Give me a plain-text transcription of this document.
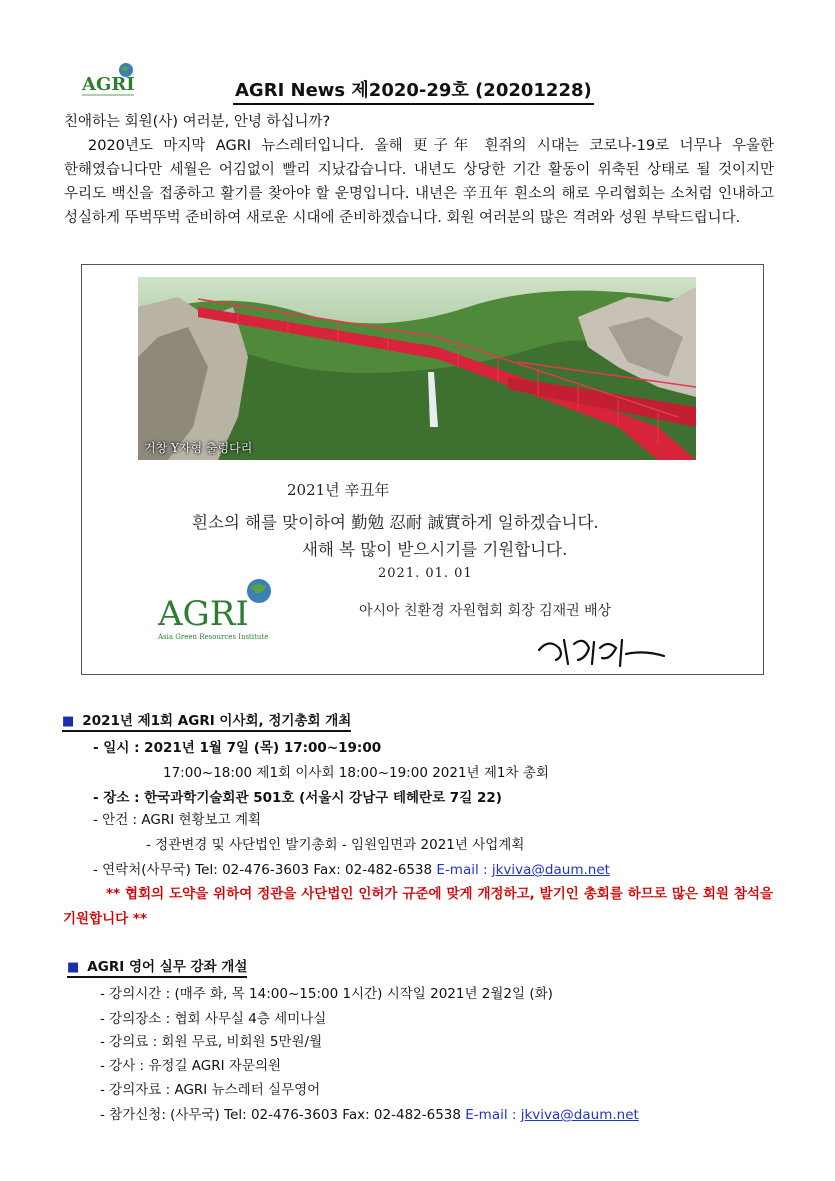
AGRI	AGRI News 제2020-29호 (20201228)
친애하는 회원(사) 여러분, 안녕 하십니까?
2020년도 마지막 AGRI 뉴스레터입니다. 올해 更子年 흰쥐의 시대는 코로나-19로 너무나 우울한 한해였습니다만 세월은 어김없이 빨리 지났갑습니다. 내년도 상당한 기간 활동이 위축된 상태로 될 것이지만 우리도 백신을 접종하고 활기를 찾아야 할 운명입니다. 내년은 辛丑年 흰소의 해로 우리협회는 소처럼 인내하고 성실하게 뚜벅뚜벅 준비하여 새로운 시대에 준비하겠습니다. 회원 여러분의 많은 격려와 성원 부탁드립니다.
거창 Y자형 출렁다리
2021년 辛丑年
흰소의 해를 맞이하여 勤勉 忍耐 誠實하게 일하겠습니다.
새해 복 많이 받으시기를 기원합니다.
2021. 01. 01
아시아 친환경 자원협회 회장 김재권 배상
AGRI
Asia Green Resources Institute
■ 2021년 제1회 AGRI 이사회, 정기총회 개최
- 일시 : 2021년 1월 7일 (목) 17:00~19:00
17:00~18:00 제1회 이사회 18:00~19:00 2021년 제1차 총회
- 장소 : 한국과학기술회관 501호 (서울시 강남구 테헤란로 7길 22)
- 안건 : AGRI 현황보고 계획
- 정관변경 및 사단법인 발기총회 - 임원임면과 2021년 사업계획
- 연락처(사무국) Tel: 02-476-3603 Fax: 02-482-6538 E-mail : jkviva@daum.net
** 협회의 도약을 위하여 정관을 사단법인 인허가 규준에 맞게 개정하고, 발기인 총회를 하므로 많은 회원 참석을 기원합니다 **
■ AGRI 영어 실무 강좌 개설
- 강의시간 : (매주 화, 목 14:00~15:00 1시간) 시작일 2021년 2월2일 (화)
- 강의장소 : 협회 사무실 4층 세미나실
- 강의료 : 회원 무료, 비회원 5만원/월
- 강사 : 유정길 AGRI 자문의원
- 강의자료 : AGRI 뉴스레터 실무영어
- 참가신청: (사무국) Tel: 02-476-3603 Fax: 02-482-6538 E-mail : jkviva@daum.net
